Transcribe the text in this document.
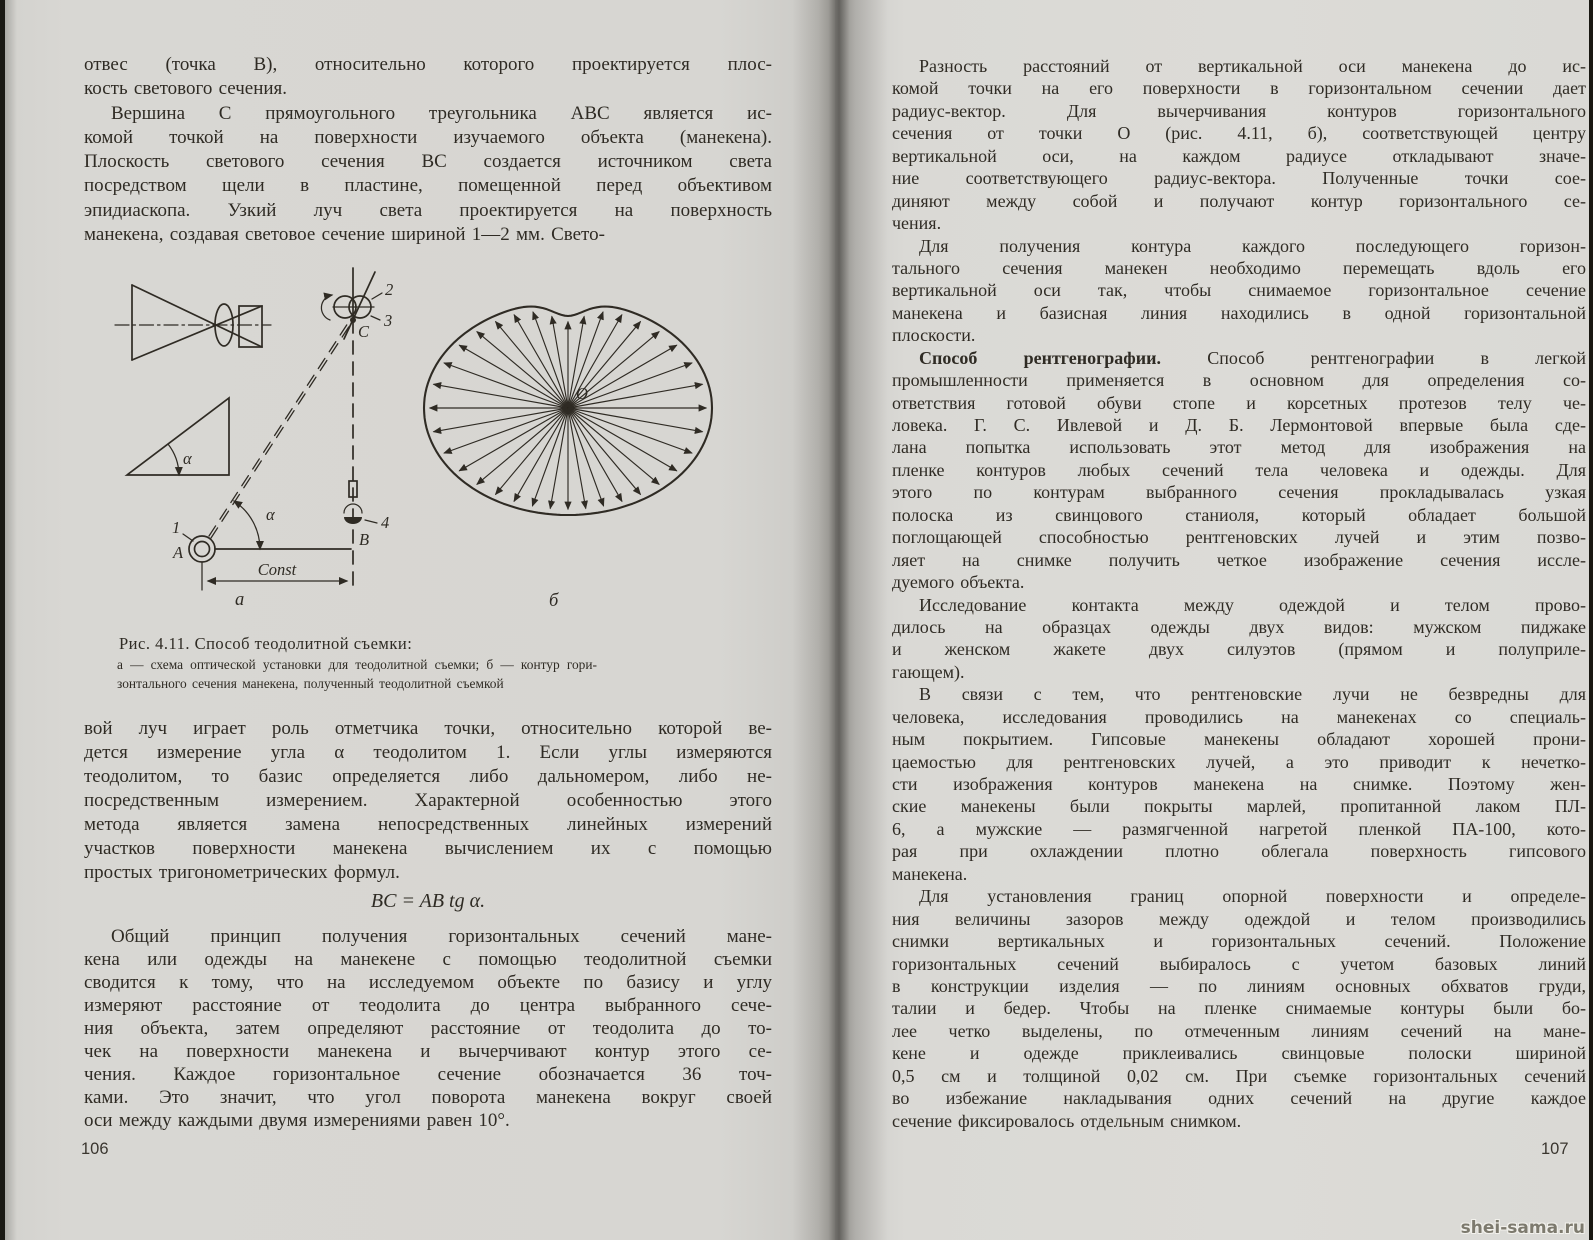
отвес (точка В), относительно которого проектируется плос-
кость светового сечения.
Вершина С прямоугольного треугольника АВС является ис-
комой точкой на поверхности изучаемого объекта (манекена).
Плоскость светового сечения ВС создается источником света
посредством щели в пластине, помещенной перед объективом
эпидиаскопа. Узкий луч света проектируется на поверхность
манекена, создавая световое сечение шириной 1—2 мм. Свето-
α
2
3
C
1
A
B
4
α
Const
а
O
б
Рис. 4.11. Способ теодолитной съемки:
а — схема оптической установки для теодолитной съемки; б — контур гори-
зонтального сечения манекена, полученный теодолитной съемкой
вой луч играет роль отметчика точки, относительно которой ве-
дется измерение угла α теодолитом 1. Если углы измеряются
теодолитом, то базис определяется либо дальномером, либо не-
посредственным измерением. Характерной особенностью этого
метода является замена непосредственных линейных измерений
участков поверхности манекена вычислением их с помощью
простых тригонометрических формул.
BC = AB tg α.
Общий принцип получения горизонтальных сечений мане-
кена или одежды на манекене с помощью теодолитной съемки
сводится к тому, что на исследуемом объекте по базису и углу
измеряют расстояние от теодолита до центра выбранного сече-
ния объекта, затем определяют расстояние от теодолита до то-
чек на поверхности манекена и вычерчивают контур этого се-
чения. Каждое горизонтальное сечение обозначается 36 точ-
ками. Это значит, что угол поворота манекена вокруг своей
оси между каждыми двумя измерениями равен 10°.
106
Разность расстояний от вертикальной оси манекена до ис-
комой точки на его поверхности в горизонтальном сечении дает
радиус-вектор. Для вычерчивания контуров горизонтального
сечения от точки О (рис. 4.11, б), соответствующей центру
вертикальной оси, на каждом радиусе откладывают значе-
ние соответствующего радиус-вектора. Полученные точки сое-
диняют между собой и получают контур горизонтального се-
чения.
Для получения контура каждого последующего горизон-
тального сечения манекен необходимо перемещать вдоль его
вертикальной оси так, чтобы снимаемое горизонтальное сечение
манекена и базисная линия находились в одной горизонтальной
плоскости.
Способ рентгенографии. Способ рентгенографии в легкой
промышленности применяется в основном для определения со-
ответствия готовой обуви стопе и корсетных протезов телу че-
ловека. Г. С. Ивлевой и Д. Б. Лермонтовой впервые была сде-
лана попытка использовать этот метод для изображения на
пленке контуров любых сечений тела человека и одежды. Для
этого по контурам выбранного сечения прокладывалась узкая
полоска из свинцового станиоля, который обладает большой
поглощающей способностью рентгеновских лучей и этим позво-
ляет на снимке получить четкое изображение сечения иссле-
дуемого объекта.
Исследование контакта между одеждой и телом прово-
дилось на образцах одежды двух видов: мужском пиджаке
и женском жакете двух силуэтов (прямом и полуприле-
гающем).
В связи с тем, что рентгеновские лучи не безвредны для
человека, исследования проводились на манекенах со специаль-
ным покрытием. Гипсовые манекены обладают хорошей прони-
цаемостью для рентгеновских лучей, а это приводит к нечетко-
сти изображения контуров манекена на снимке. Поэтому жен-
ские манекены были покрыты марлей, пропитанной лаком ПЛ-
6, а мужские — размягченной нагретой пленкой ПА-100, кото-
рая при охлаждении плотно облегала поверхность гипсового
манекена.
Для установления границ опорной поверхности и определе-
ния величины зазоров между одеждой и телом производились
снимки вертикальных и горизонтальных сечений. Положение
горизонтальных сечений выбиралось с учетом базовых линий
в конструкции изделия — по линиям основных обхватов груди,
талии и бедер. Чтобы на пленке снимаемые контуры были бо-
лее четко выделены, по отмеченным линиям сечений на мане-
кене и одежде приклеивались свинцовые полоски шириной
0,5 см и толщиной 0,02 см. При съемке горизонтальных сечений
во избежание накладывания одних сечений на другие каждое
сечение фиксировалось отдельным снимком.
107
shei-sama.ru
